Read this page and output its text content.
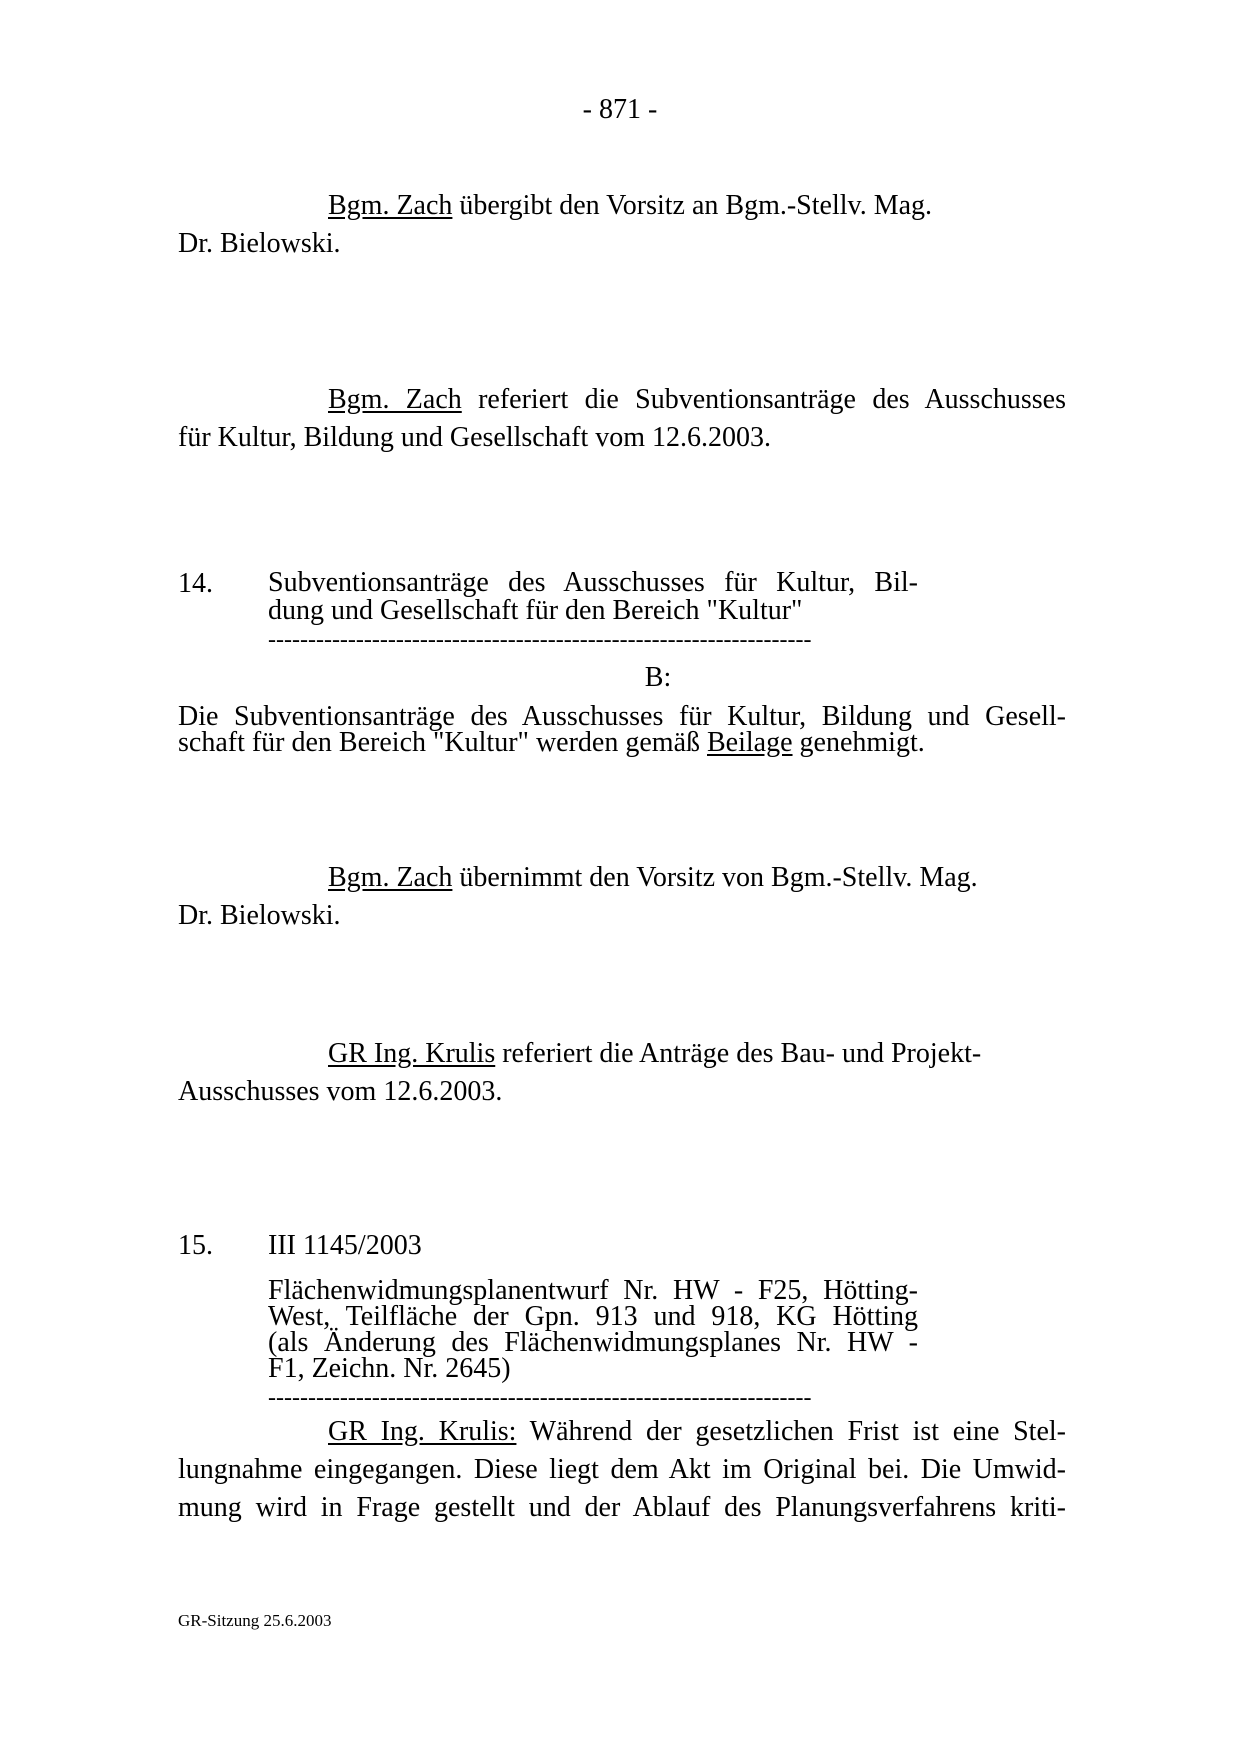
- 871 -
Bgm. Zach übergibt den Vorsitz an Bgm.-Stellv. Mag.
Dr. Bielowski.
Bgm. Zach referiert die Subventionsanträge des Ausschusses
für Kultur, Bildung und Gesellschaft vom 12.6.2003.
14. Subventionsanträge des Ausschusses für Kultur, Bil-
dung und Gesellschaft für den Bereich "Kultur"
--------------------------------------------------------------------
B:
Die Subventionsanträge des Ausschusses für Kultur, Bildung und Gesell-
schaft für den Bereich "Kultur" werden gemäß Beilage genehmigt.
Bgm. Zach übernimmt den Vorsitz von Bgm.-Stellv. Mag.
Dr. Bielowski.
GR Ing. Krulis referiert die Anträge des Bau- und Projekt-
Ausschusses vom 12.6.2003.
15. III 1145/2003
Flächenwidmungsplanentwurf Nr. HW - F25, Hötting-
West, Teilfläche der Gpn. 913 und 918, KG Hötting
(als Änderung des Flächenwidmungsplanes Nr. HW -
F1, Zeichn. Nr. 2645)
--------------------------------------------------------------------
GR Ing. Krulis: Während der gesetzlichen Frist ist eine Stel-
lungnahme eingegangen. Diese liegt dem Akt im Original bei. Die Umwid-
mung wird in Frage gestellt und der Ablauf des Planungsverfahrens kriti-
GR-Sitzung 25.6.2003
